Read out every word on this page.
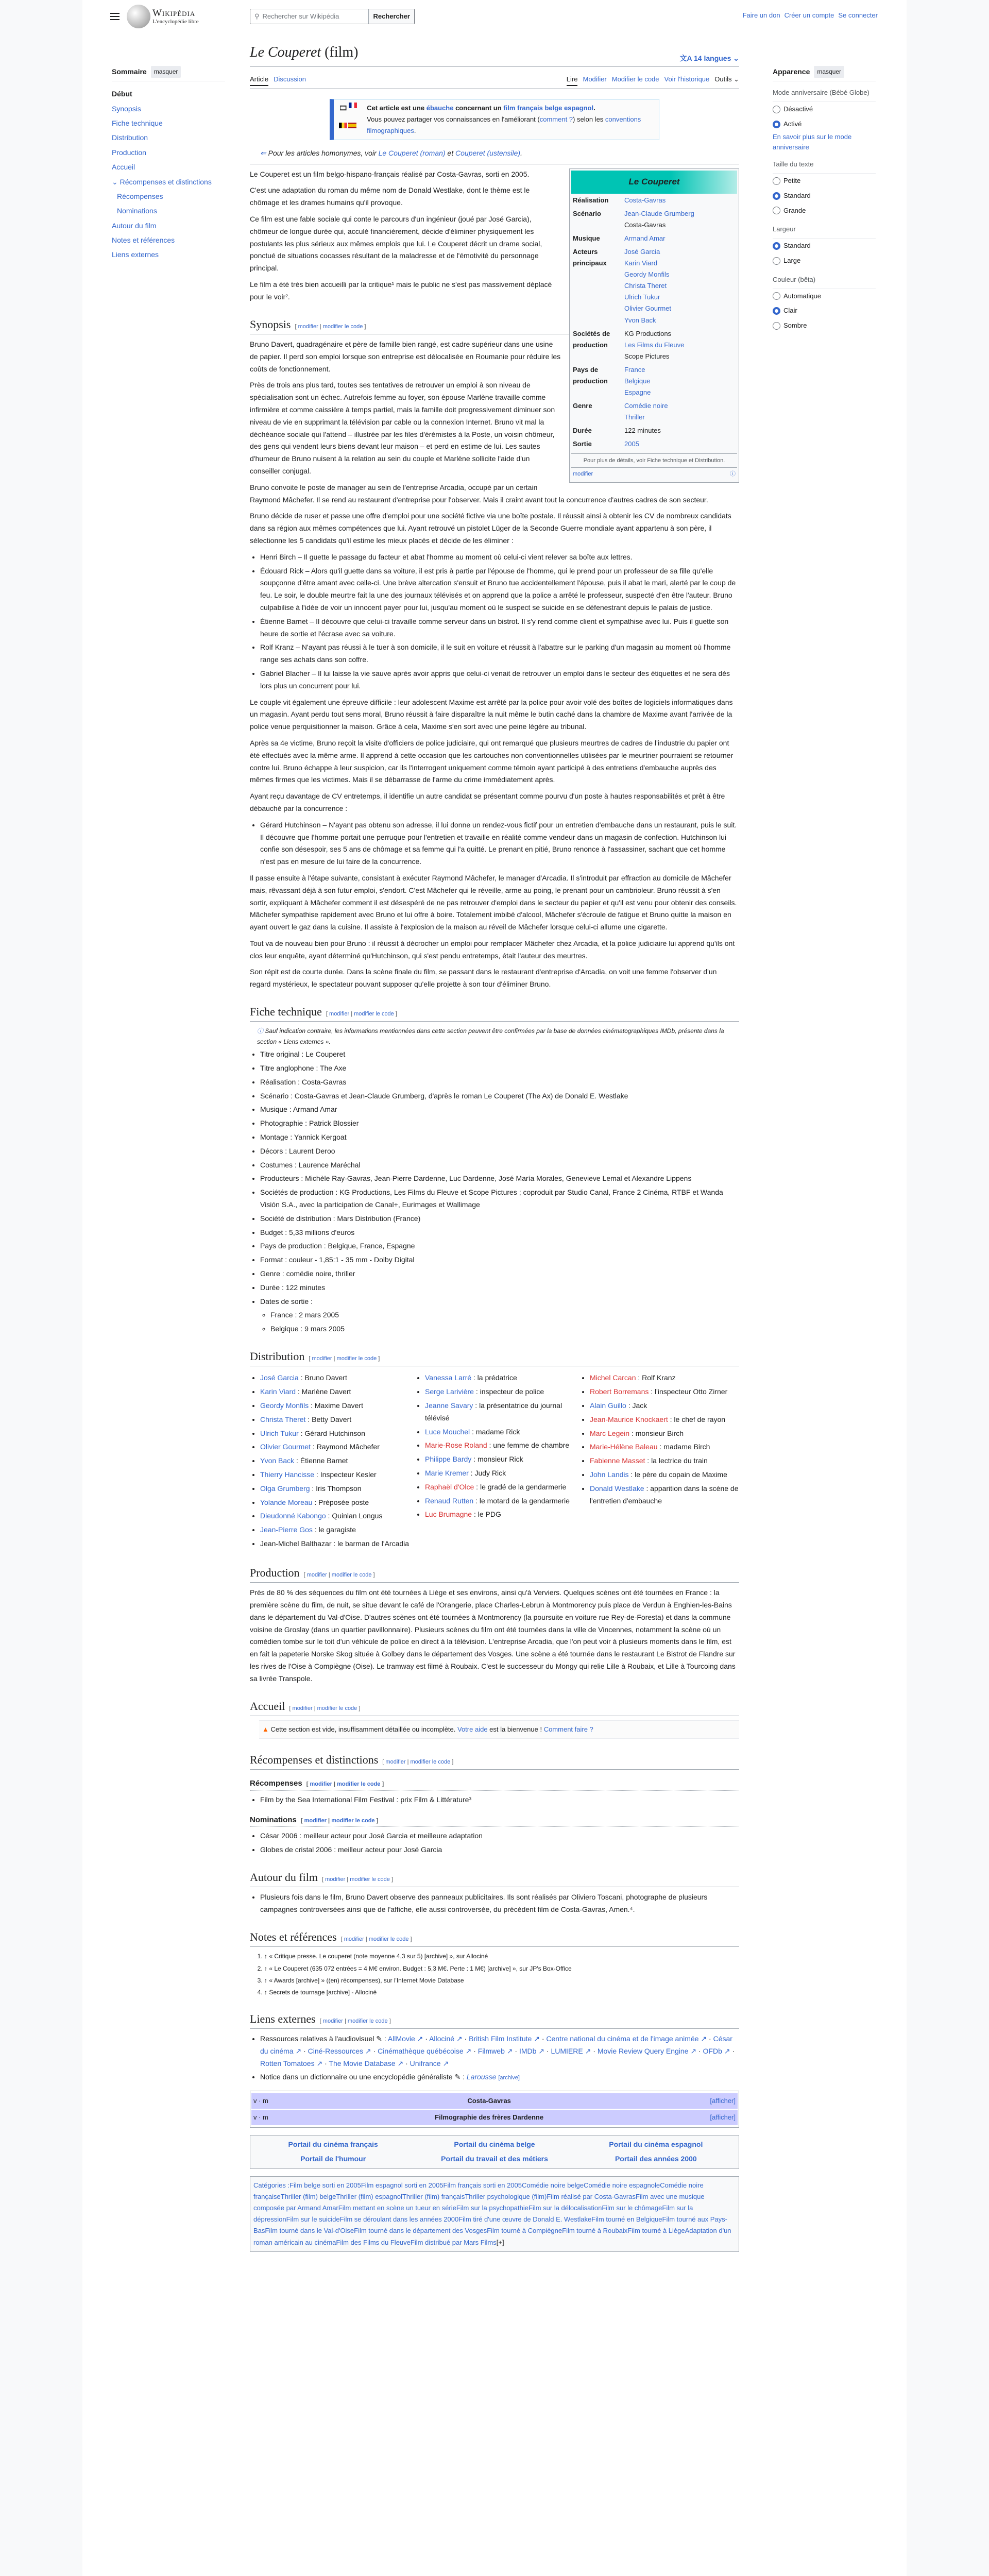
Wikipédia
L'encyclopédie libre
⚲ Rechercher sur Wikipédia	Rechercher	Faire un don Créer un compte Se connecter
Sommaire	masquer
Début
Synopsis
Fiche technique
Distribution
Production
Accueil
⌄ Récompenses et distinctions
Récompenses
Nominations
Autour du film
Notes et références
Liens externes
Le Couperet (film)	文A 14 langues ⌄
Article Discussion	Lire Modifier Modifier le code Voir l'historique Outils ⌄
🎞	Cet article est une ébauche concernant un film français belge espagnol.
Vous pouvez partager vos connaissances en l'améliorant (comment ?) selon les conventions filmographiques.
⇐ Pour les articles homonymes, voir Le Couperet (roman) et Couperet (ustensile).
Le Couperet
Réalisation	Costa-Gavras
Scénario	Jean-Claude Grumberg
Costa-Gavras
Musique	Armand Amar
Acteurs principaux
José Garcia
Karin Viard
Geordy Monfils
Christa Theret
Ulrich Tukur
Olivier Gourmet
Yvon Back
Sociétés de production
KG Productions
Les Films du Fleuve
Scope Pictures
Pays de production
France
Belgique
Espagne
Genre	Comédie noire
Thriller
Durée	122 minutes
Sortie	2005
Pour plus de détails, voir Fiche technique et Distribution.
modifier	ⓘ

Le Couperet est un film belgo-hispano-français réalisé par Costa-Gavras, sorti en 2005.

C'est une adaptation du roman du même nom de Donald Westlake, dont le thème est le chômage et les drames humains qu'il provoque.

Ce film est une fable sociale qui conte le parcours d'un ingénieur (joué par José Garcia), chômeur de longue durée qui, acculé financièrement, décide d'éliminer physiquement les postulants les plus sérieux aux mêmes emplois que lui. Le Couperet décrit un drame social, ponctué de situations cocasses résultant de la maladresse et de l'émotivité du personnage principal.

Le film a été très bien accueilli par la critique¹ mais le public ne s'est pas massivement déplacé pour le voir².

Synopsis [ modifier | modifier le code ]

Bruno Davert, quadragénaire et père de famille bien rangé, est cadre supérieur dans une usine de papier. Il perd son emploi lorsque son entreprise est délocalisée en Roumanie pour réduire les coûts de fonctionnement.

Près de trois ans plus tard, toutes ses tentatives de retrouver un emploi à son niveau de spécialisation sont un échec. Autrefois femme au foyer, son épouse Marlène travaille comme infirmière et comme caissière à temps partiel, mais la famille doit progressivement diminuer son niveau de vie en supprimant la télévision par cable ou la connexion Internet. Bruno vit mal la déchéance sociale qui l'attend – illustrée par les files d'érémistes à la Poste, un voisin chômeur, des gens qui vendent leurs biens devant leur maison – et perd en estime de lui. Les sautes d'humeur de Bruno nuisent à la relation au sein du couple et Marlène sollicite l'aide d'un conseiller conjugal.

Bruno convoite le poste de manager au sein de l'entreprise Arcadia, occupé par un certain Raymond Mâchefer. Il se rend au restaurant d'entreprise pour l'observer. Mais il craint avant tout la concurrence d'autres cadres de son secteur.

Bruno décide de ruser et passe une offre d'emploi pour une société fictive via une boîte postale. Il réussit ainsi à obtenir les CV de nombreux candidats dans sa région aux mêmes compétences que lui. Ayant retrouvé un pistolet Lüger de la Seconde Guerre mondiale ayant appartenu à son père, il sélectionne les 5 candidats qu'il estime les mieux placés et décide de les éliminer :

• Henri Birch – Il guette le passage du facteur et abat l'homme au moment où celui-ci vient relever sa boîte aux lettres.
• Édouard Rick – Alors qu'il guette dans sa voiture, il est pris à partie par l'épouse de l'homme, qui le prend pour un professeur de sa fille qu'elle soupçonne d'être amant avec celle-ci. Une brève altercation s'ensuit et Bruno tue accidentellement l'épouse, puis il abat le mari, alerté par le coup de feu. Le soir, le double meurtre fait la une des journaux télévisés et on apprend que la police a arrêté le professeur, suspecté d'en être l'auteur. Bruno culpabilise à l'idée de voir un innocent payer pour lui, jusqu'au moment où le suspect se suicide en se défenestrant depuis le palais de justice.
• Étienne Barnet – Il découvre que celui-ci travaille comme serveur dans un bistrot. Il s'y rend comme client et sympathise avec lui. Puis il guette son heure de sortie et l'écrase avec sa voiture.
• Rolf Kranz – N'ayant pas réussi à le tuer à son domicile, il le suit en voiture et réussit à l'abattre sur le parking d'un magasin au moment où l'homme range ses achats dans son coffre.
• Gabriel Blacher – Il lui laisse la vie sauve après avoir appris que celui-ci venait de retrouver un emploi dans le secteur des étiquettes et ne sera dès lors plus un concurrent pour lui.

Le couple vit également une épreuve difficile : leur adolescent Maxime est arrêté par la police pour avoir volé des boîtes de logiciels informatiques dans un magasin. Ayant perdu tout sens moral, Bruno réussit à faire disparaître la nuit même le butin caché dans la chambre de Maxime avant l'arrivée de la police venue perquisitionner la maison. Grâce à cela, Maxime s'en sort avec une peine légère au tribunal.

Après sa 4e victime, Bruno reçoit la visite d'officiers de police judiciaire, qui ont remarqué que plusieurs meurtres de cadres de l'industrie du papier ont été effectués avec la même arme. Il apprend à cette occasion que les cartouches non conventionnelles utilisées par le meurtrier pourraient se retourner contre lui. Bruno échappe à leur suspicion, car ils l'interrogent uniquement comme témoin ayant participé à des entretiens d'embauche auprès des mêmes firmes que les victimes. Mais il se débarrasse de l'arme du crime immédiatement après.

Ayant reçu davantage de CV entretemps, il identifie un autre candidat se présentant comme pourvu d'un poste à hautes responsabilités et prêt à être débauché par la concurrence :

• Gérard Hutchinson – N'ayant pas obtenu son adresse, il lui donne un rendez-vous fictif pour un entretien d'embauche dans un restaurant, puis le suit. Il découvre que l'homme portait une perruque pour l'entretien et travaille en réalité comme vendeur dans un magasin de confection. Hutchinson lui confie son désespoir, ses 5 ans de chômage et sa femme qui l'a quitté. Le prenant en pitié, Bruno renonce à l'assassiner, sachant que cet homme n'est pas en mesure de lui faire de la concurrence.

Il passe ensuite à l'étape suivante, consistant à exécuter Raymond Mâchefer, le manager d'Arcadia. Il s'introduit par effraction au domicile de Mâchefer mais, rêvassant déjà à son futur emploi, s'endort. C'est Mâchefer qui le réveille, arme au poing, le prenant pour un cambrioleur. Bruno réussit à s'en sortir, expliquant à Mâchefer comment il est désespéré de ne pas retrouver d'emploi dans le secteur du papier et qu'il est venu pour obtenir des conseils. Mâchefer sympathise rapidement avec Bruno et lui offre à boire. Totalement imbibé d'alcool, Mâchefer s'écroule de fatigue et Bruno quitte la maison en ayant ouvert le gaz dans la cuisine. Il assiste à l'explosion de la maison au réveil de Mâchefer lorsque celui-ci allume une cigarette.

Tout va de nouveau bien pour Bruno : il réussit à décrocher un emploi pour remplacer Mâchefer chez Arcadia, et la police judiciaire lui apprend qu'ils ont clos leur enquête, ayant déterminé qu'Hutchinson, qui s'est pendu entretemps, était l'auteur des meurtres.

Son répit est de courte durée. Dans la scène finale du film, se passant dans le restaurant d'entreprise d'Arcadia, on voit une femme l'observer d'un regard mystérieux, le spectateur pouvant supposer qu'elle projette à son tour d'éliminer Bruno.

Fiche technique [ modifier | modifier le code ]
ⓘ Sauf indication contraire, les informations mentionnées dans cette section peuvent être confirmées par la base de données cinématographiques IMDb, présente dans la section « Liens externes ».
• Titre original : Le Couperet
• Titre anglophone : The Axe
• Réalisation : Costa-Gavras
• Scénario : Costa-Gavras et Jean-Claude Grumberg, d'après le roman Le Couperet (The Ax) de Donald E. Westlake
• Musique : Armand Amar
• Photographie : Patrick Blossier
• Montage : Yannick Kergoat
• Décors : Laurent Deroo
• Costumes : Laurence Maréchal
• Producteurs : Michèle Ray-Gavras, Jean-Pierre Dardenne, Luc Dardenne, José María Morales, Genevieve Lemal et Alexandre Lippens
• Sociétés de production : KG Productions, Les Films du Fleuve et Scope Pictures ; coproduit par Studio Canal, France 2 Cinéma, RTBF et Wanda Visión S.A., avec la participation de Canal+, Eurimages et Wallimage
• Société de distribution : Mars Distribution (France)
• Budget : 5,33 millions d'euros
• Pays de production : Belgique, France, Espagne
• Format : couleur - 1,85:1 - 35 mm - Dolby Digital
• Genre : comédie noire, thriller
• Durée : 122 minutes
• Dates de sortie :
◦ France : 2 mars 2005
◦ Belgique : 9 mars 2005
Distribution [ modifier | modifier le code ]
• José Garcia : Bruno Davert
• Karin Viard : Marlène Davert
• Geordy Monfils : Maxime Davert
• Christa Theret : Betty Davert
• Ulrich Tukur : Gérard Hutchinson
• Olivier Gourmet : Raymond Mâchefer
• Yvon Back : Étienne Barnet
• Thierry Hancisse : Inspecteur Kesler
• Olga Grumberg : Iris Thompson
• Yolande Moreau : Préposée poste
• Dieudonné Kabongo : Quinlan Longus
• Jean-Pierre Gos : le garagiste
• Jean-Michel Balthazar : le barman de l'Arcadia
• Vanessa Larré : la prédatrice
• Serge Larivière : inspecteur de police
• Jeanne Savary : la présentatrice du journal télévisé
• Luce Mouchel : madame Rick
• Marie-Rose Roland : une femme de chambre
• Philippe Bardy : monsieur Rick
• Marie Kremer : Judy Rick
• Raphaël d'Olce : le gradé de la gendarmerie
• Renaud Rutten : le motard de la gendarmerie
• Luc Brumagne : le PDG
• Michel Carcan : Rolf Kranz
• Robert Borremans : l'inspecteur Otto Zirner
• Alain Guillo : Jack
• Jean-Maurice Knockaert : le chef de rayon
• Marc Legein : monsieur Birch
• Marie-Hélène Baleau : madame Birch
• Fabienne Masset : la lectrice du train
• John Landis : le père du copain de Maxime
• Donald Westlake : apparition dans la scène de l'entretien d'embauche
Production [ modifier | modifier le code ]

Près de 80 % des séquences du film ont été tournées à Liège et ses environs, ainsi qu'à Verviers. Quelques scènes ont été tournées en France : la première scène du film, de nuit, se situe devant le café de l'Orangerie, place Charles-Lebrun à Montmorency puis place de Verdun à Enghien-les-Bains dans le département du Val-d'Oise. D'autres scènes ont été tournées à Montmorency (la poursuite en voiture rue Rey-de-Foresta) et dans la commune voisine de Groslay (dans un quartier pavillonnaire). Plusieurs scènes du film ont été tournées dans la ville de Vincennes, notamment la scène où un comédien tombe sur le toit d'un véhicule de police en direct à la télévision. L'entreprise Arcadia, que l'on peut voir à plusieurs moments dans le film, est en fait la papeterie Norske Skog située à Golbey dans le département des Vosges. Une scène a été tournée dans le restaurant Le Bistrot de Flandre sur les rives de l'Oise à Compiègne (Oise). Le tramway est filmé à Roubaix. C'est le successeur du Mongy qui relie Lille à Roubaix, et Lille à Tourcoing dans sa livrée Transpole.

Accueil [ modifier | modifier le code ]
▲ Cette section est vide, insuffisamment détaillée ou incomplète. Votre aide est la bienvenue ! Comment faire ?
Récompenses et distinctions [ modifier | modifier le code ]
Récompenses [ modifier | modifier le code ]
• Film by the Sea International Film Festival : prix Film & Littérature³
Nominations [ modifier | modifier le code ]
• César 2006 : meilleur acteur pour José Garcia et meilleure adaptation
• Globes de cristal 2006 : meilleur acteur pour José Garcia
Autour du film [ modifier | modifier le code ]
• Plusieurs fois dans le film, Bruno Davert observe des panneaux publicitaires. Ils sont réalisés par Oliviero Toscani, photographe de plusieurs campagnes controversées ainsi que de l'affiche, elle aussi controversée, du précédent film de Costa-Gavras, Amen.⁴.
Notes et références [ modifier | modifier le code ]
1. ↑ « Critique presse. Le couperet (note moyenne 4,3 sur 5) [archive] », sur Allociné
2. ↑ « Le Couperet (635 072 entrées = 4 M€ environ. Budget : 5,3 M€. Perte : 1 M€) [archive] », sur JP's Box-Office
3. ↑ « Awards [archive] » ((en) récompenses), sur l'Internet Movie Database
4. ↑ Secrets de tournage [archive] - Allociné
Liens externes [ modifier | modifier le code ]
• Ressources relatives à l'audiovisuel ✎ : AllMovie ↗ · Allociné ↗ · British Film Institute ↗ · Centre national du cinéma et de l'image animée ↗ · César du cinéma ↗ · Ciné-Ressources ↗ · Cinémathèque québécoise ↗ · Filmweb ↗ · IMDb ↗ · LUMIERE ↗ · Movie Review Query Engine ↗ · OFDb ↗ · Rotten Tomatoes ↗ · The Movie Database ↗ · Unifrance ↗
• Notice dans un dictionnaire ou une encyclopédie généraliste ✎ : Larousse [archive]
v · m	Costa-Gavras	[afficher]
v · m	Filmographie des frères Dardenne	[afficher]
Portail du cinéma français	Portail du cinéma belge	Portail du cinéma espagnol
Portail de l'humour	Portail du travail et des métiers	Portail des années 2000
Catégories :Film belge sorti en 2005Film espagnol sorti en 2005Film français sorti en 2005Comédie noire belgeComédie noire espagnoleComédie noire françaiseThriller (film) belgeThriller (film) espagnolThriller (film) françaisThriller psychologique (film)Film réalisé par Costa-GavrasFilm avec une musique composée par Armand AmarFilm mettant en scène un tueur en sérieFilm sur la psychopathieFilm sur la délocalisationFilm sur le chômageFilm sur la dépressionFilm sur le suicideFilm se déroulant dans les années 2000Film tiré d'une œuvre de Donald E. WestlakeFilm tourné en BelgiqueFilm tourné aux Pays-BasFilm tourné dans le Val-d'OiseFilm tourné dans le département des VosgesFilm tourné à CompiègneFilm tourné à RoubaixFilm tourné à LiègeAdaptation d'un roman américain au cinémaFilm des Films du FleuveFilm distribué par Mars Films[+]
Apparence	masquer
Mode anniversaire (Bébé Globe)
Désactivé
Activé
En savoir plus sur le mode anniversaire
Taille du texte
Petite
Standard
Grande
Largeur
Standard
Large
Couleur (bêta)
Automatique
Clair
Sombre
